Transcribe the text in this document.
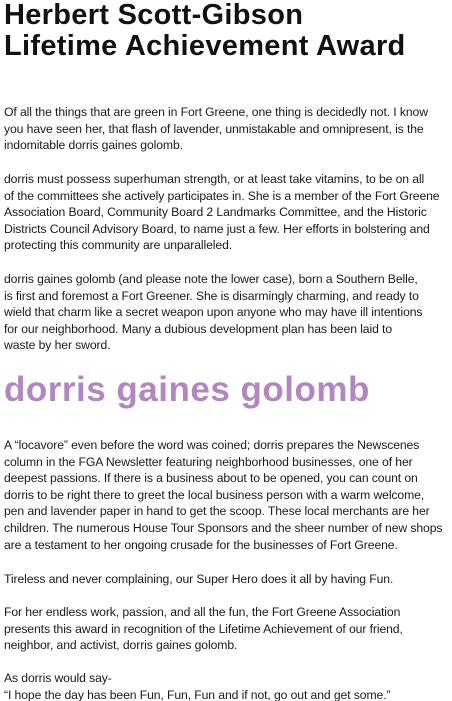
Herbert Scott-Gibson
Lifetime Achievement Award
Of all the things that are green in Fort Greene, one thing is decidedly not. I know
you have seen her, that flash of lavender, unmistakable and omnipresent, is the
indomitable dorris gaines golomb.
dorris must possess superhuman strength, or at least take vitamins, to be on all
of the committees she actively participates in. She is a member of the Fort Greene
Association Board, Community Board 2 Landmarks Committee, and the Historic
Districts Council Advisory Board, to name just a few. Her efforts in bolstering and
protecting this community are unparalleled.
dorris gaines golomb (and please note the lower case), born a Southern Belle,
is first and foremost a Fort Greener. She is disarmingly charming, and ready to
wield that charm like a secret weapon upon anyone who may have ill intentions
for our neighborhood. Many a dubious development plan has been laid to
waste by her sword.
dorris gaines golomb
A “locavore” even before the word was coined; dorris prepares the Newscenes
column in the FGA Newsletter featuring neighborhood businesses, one of her
deepest passions. If there is a business about to be opened, you can count on
dorris to be right there to greet the local business person with a warm welcome,
pen and lavender paper in hand to get the scoop. These local merchants are her
children. The numerous House Tour Sponsors and the sheer number of new shops
are a testament to her ongoing crusade for the businesses of Fort Greene.
Tireless and never complaining, our Super Hero does it all by having Fun.
For her endless work, passion, and all the fun, the Fort Greene Association
presents this award in recognition of the Lifetime Achievement of our friend,
neighbor, and activist, dorris gaines golomb.
As dorris would say-
“I hope the day has been Fun, Fun, Fun and if not, go out and get some.”
